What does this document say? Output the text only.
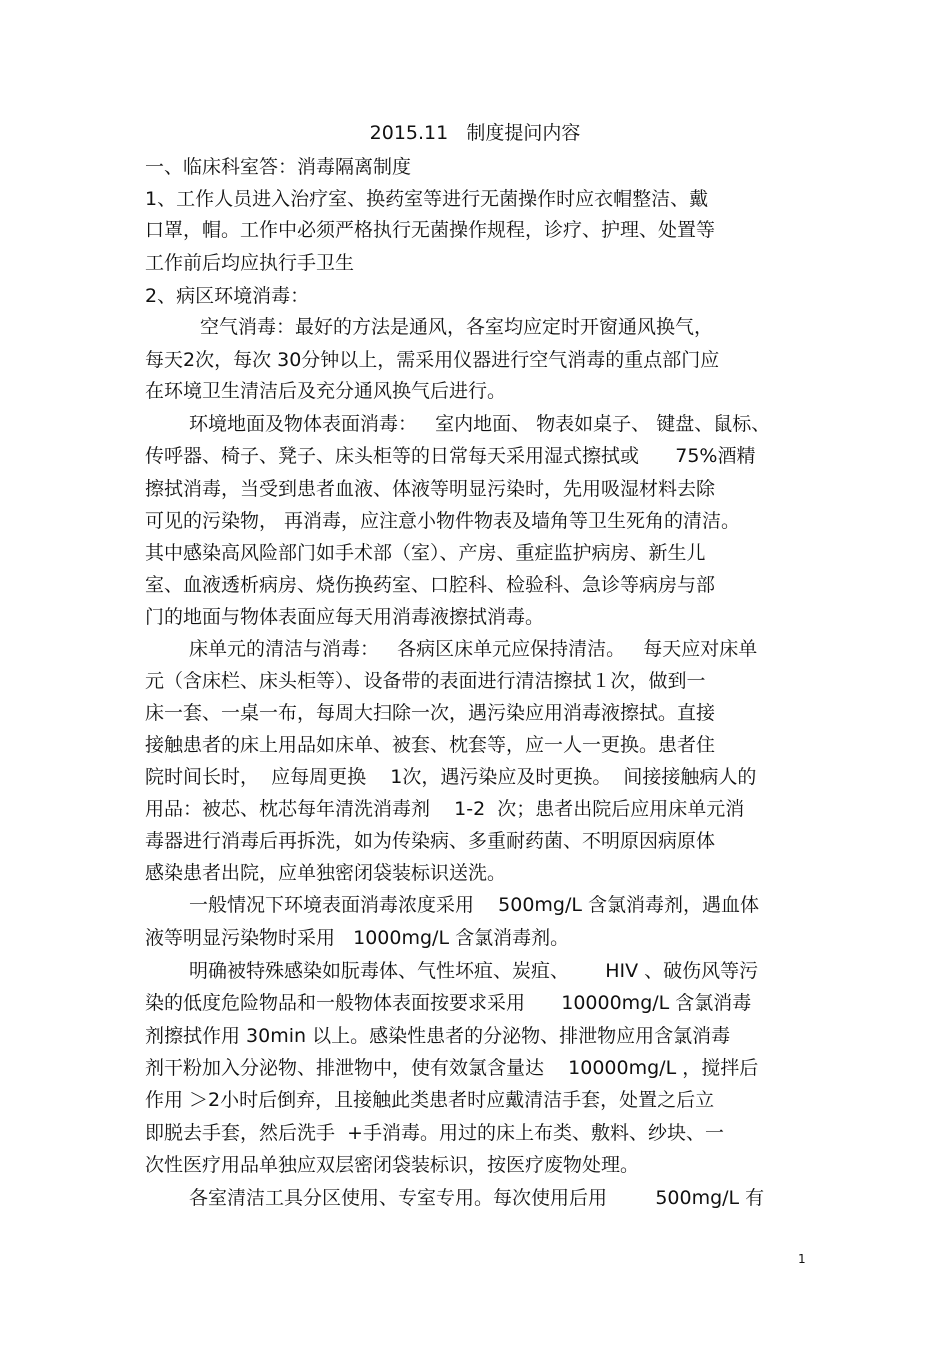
2015.11   制度提问内容

一、临床科室答：消毒隔离制度

1、工作人员进入治疗室、换药室等进行无菌操作时应衣帽整洁、戴

口罩，帽。工作中必须严格执行无菌操作规程，诊疗、护理、处置等

工作前后均应执行手卫生

2、病区环境消毒：

空气消毒：最好的方法是通风，各室均应定时开窗通风换气，

每天2次，每次 30分钟以上，需采用仪器进行空气消毒的重点部门应

在环境卫生清洁后及充分通风换气后进行。

环境地面及物体表面消毒：   室内地面、 物表如桌子、 键盘、鼠标、

传呼器、椅子、凳子、床头柜等的日常每天采用湿式擦拭或      75%酒精

擦拭消毒，当受到患者血液、体液等明显污染时，先用吸湿材料去除

可见的污染物， 再消毒，应注意小物件物表及墙角等卫生死角的清洁。

其中感染高风险部门如手术部（室）、产房、重症监护病房、新生儿

室、血液透析病房、烧伤换药室、口腔科、检验科、急诊等病房与部

门的地面与物体表面应每天用消毒液擦拭消毒。

床单元的清洁与消毒：   各病区床单元应保持清洁。   每天应对床单

元（含床栏、床头柜等）、设备带的表面进行清洁擦拭１次，做到一

床一套、一桌一布，每周大扫除一次，遇污染应用消毒液擦拭。直接

接触患者的床上用品如床单、被套、枕套等，应一人一更换。患者住

院时间长时，  应每周更换    1次，遇污染应及时更换。  间接接触病人的

用品：被芯、枕芯每年清洗消毒剂    1-2  次；患者出院后应用床单元消

毒器进行消毒后再拆洗，如为传染病、多重耐药菌、不明原因病原体

感染患者出院，应单独密闭袋装标识送洗。

一般情况下环境表面消毒浓度采用    500mg/L 含氯消毒剂，遇血体

液等明显污染物时采用   1000mg/L 含氯消毒剂。

明确被特殊感染如朊毒体、气性坏疽、炭疽、      HIV 、破伤风等污

染的低度危险物品和一般物体表面按要求采用      10000mg/L 含氯消毒

剂擦拭作用 30min 以上。感染性患者的分泌物、排泄物应用含氯消毒

剂干粉加入分泌物、排泄物中，使有效氯含量达    10000mg/L ，搅拌后

作用 ＞2小时后倒弃，且接触此类患者时应戴清洁手套，处置之后立

即脱去手套，然后洗手  +手消毒。用过的床上布类、敷料、纱块、一

次性医疗用品单独应双层密闭袋装标识，按医疗废物处理。

各室清洁工具分区使用、专室专用。每次使用后用        500mg/L 有

1
